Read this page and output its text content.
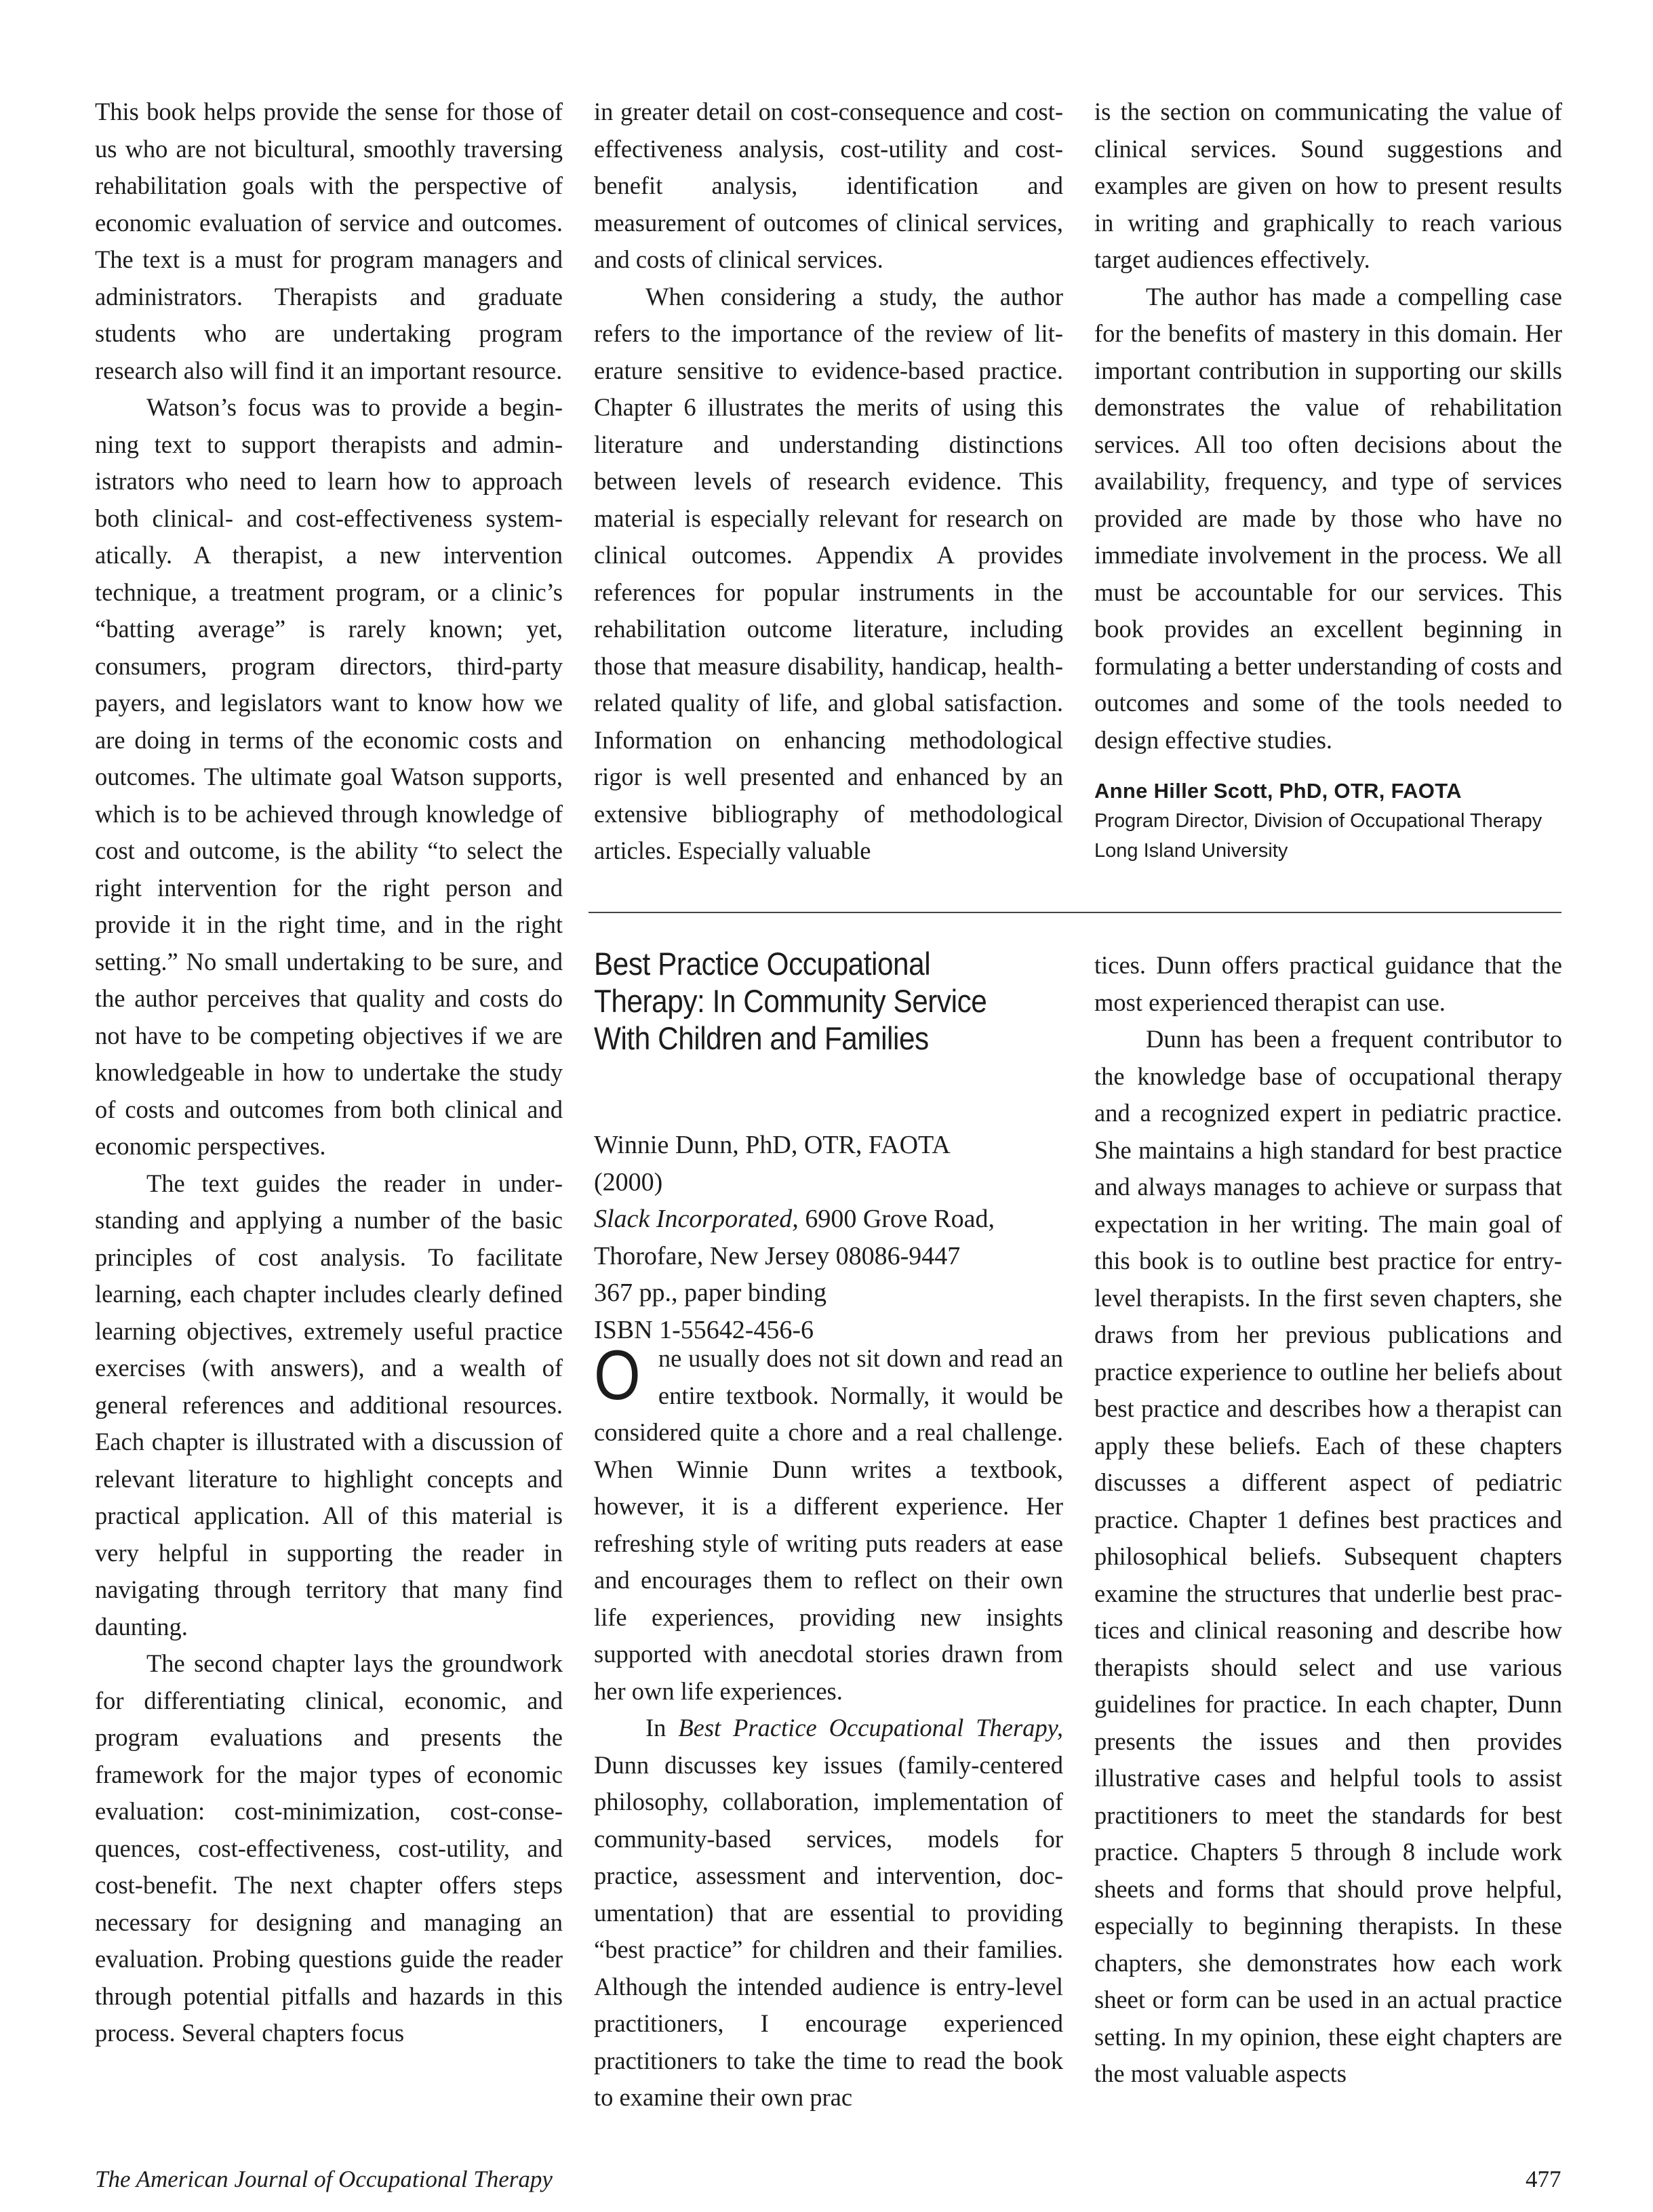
This book helps provide the sense for those of us who are not bicultural, smoothly traversing rehabilitation goals with the perspective of economic evaluation of service and outcomes. The text is a must for program managers and administrators. Therapists and graduate students who are undertaking program research also will find it an important resource.

Watson’s focus was to provide a beginning text to support therapists and administrators who need to learn how to approach both clinical- and cost-effectiveness systematically. A therapist, a new intervention technique, a treatment program, or a clinic’s “batting average” is rarely known; yet, consumers, program directors, third-party payers, and legislators want to know how we are doing in terms of the economic costs and outcomes. The ultimate goal Watson supports, which is to be achieved through knowledge of cost and outcome, is the ability “to select the right intervention for the right person and provide it in the right time, and in the right setting.” No small undertaking to be sure, and the author perceives that quality and costs do not have to be competing objectives if we are knowledgeable in how to undertake the study of costs and outcomes from both clinical and economic perspectives.

The text guides the reader in understanding and applying a number of the basic principles of cost analysis. To facilitate learning, each chapter includes clearly defined learning objectives, extremely useful practice exercises (with answers), and a wealth of general references and additional resources. Each chapter is illustrated with a discussion of relevant literature to highlight concepts and practical application. All of this material is very helpful in supporting the reader in navigating through territory that many find daunting.

The second chapter lays the groundwork for differentiating clinical, economic, and program evaluations and presents the framework for the major types of economic evaluation: cost-minimization, cost-consequences, cost-effectiveness, cost-utility, and cost-benefit. The next chapter offers steps necessary for designing and managing an evaluation. Probing questions guide the reader through potential pitfalls and hazards in this process. Several chapters focus

in greater detail on cost-consequence and cost-effectiveness analysis, cost-utility and cost-benefit analysis, identification and measurement of outcomes of clinical services, and costs of clinical services.

When considering a study, the author refers to the importance of the review of literature sensitive to evidence-based practice. Chapter 6 illustrates the merits of using this literature and understanding distinctions between levels of research evidence. This material is especially relevant for research on clinical outcomes. Appendix A provides references for popular instruments in the rehabilitation outcome literature, including those that measure disability, handicap, health-related quality of life, and global satisfaction. Information on enhancing methodological rigor is well presented and enhanced by an extensive bibliography of methodological articles. Especially valuable

is the section on communicating the value of clinical services. Sound suggestions and examples are given on how to present results in writing and graphically to reach various target audiences effectively.

The author has made a compelling case for the benefits of mastery in this domain. Her important contribution in supporting our skills demonstrates the value of rehabilitation services. All too often decisions about the availability, frequency, and type of services provided are made by those who have no immediate involvement in the process. We all must be accountable for our services. This book provides an excellent beginning in formulating a better understanding of costs and outcomes and some of the tools needed to design effective studies.

Anne Hiller Scott, PhD, OTR, FAOTA
Program Director, Division of Occupational Therapy
Long Island University
Best Practice Occupational Therapy: In Community Service With Children and Families
Winnie Dunn, PhD, OTR, FAOTA
(2000)
Slack Incorporated, 6900 Grove Road,
Thorofare, New Jersey 08086-9447
367 pp., paper binding
ISBN 1-55642-456-6

One usually does not sit down and read an entire textbook. Normally, it would be considered quite a chore and a real challenge. When Winnie Dunn writes a textbook, however, it is a different experience. Her refreshing style of writing puts readers at ease and encourages them to reflect on their own life experiences, providing new insights supported with anecdotal stories drawn from her own life experiences.

In Best Practice Occupational Therapy, Dunn discusses key issues (family-centered philosophy, collaboration, implementation of community-based services, models for practice, assessment and intervention, documentation) that are essential to providing “best practice” for children and their families. Although the intended audience is entry-level practitioners, I encourage experienced practitioners to take the time to read the book to examine their own prac

tices. Dunn offers practical guidance that the most experienced therapist can use.

Dunn has been a frequent contributor to the knowledge base of occupational therapy and a recognized expert in pediatric practice. She maintains a high standard for best practice and always manages to achieve or surpass that expectation in her writing. The main goal of this book is to outline best practice for entry-level therapists. In the first seven chapters, she draws from her previous publications and practice experience to outline her beliefs about best practice and describes how a therapist can apply these beliefs. Each of these chapters discusses a different aspect of pediatric practice. Chapter 1 defines best practices and philosophical beliefs. Subsequent chapters examine the structures that underlie best practices and clinical reasoning and describe how therapists should select and use various guidelines for practice. In each chapter, Dunn presents the issues and then provides illustrative cases and helpful tools to assist practitioners to meet the standards for best practice. Chapters 5 through 8 include work sheets and forms that should prove helpful, especially to beginning therapists. In these chapters, she demonstrates how each work sheet or form can be used in an actual practice setting. In my opinion, these eight chapters are the most valuable aspects

The American Journal of Occupational Therapy	477
